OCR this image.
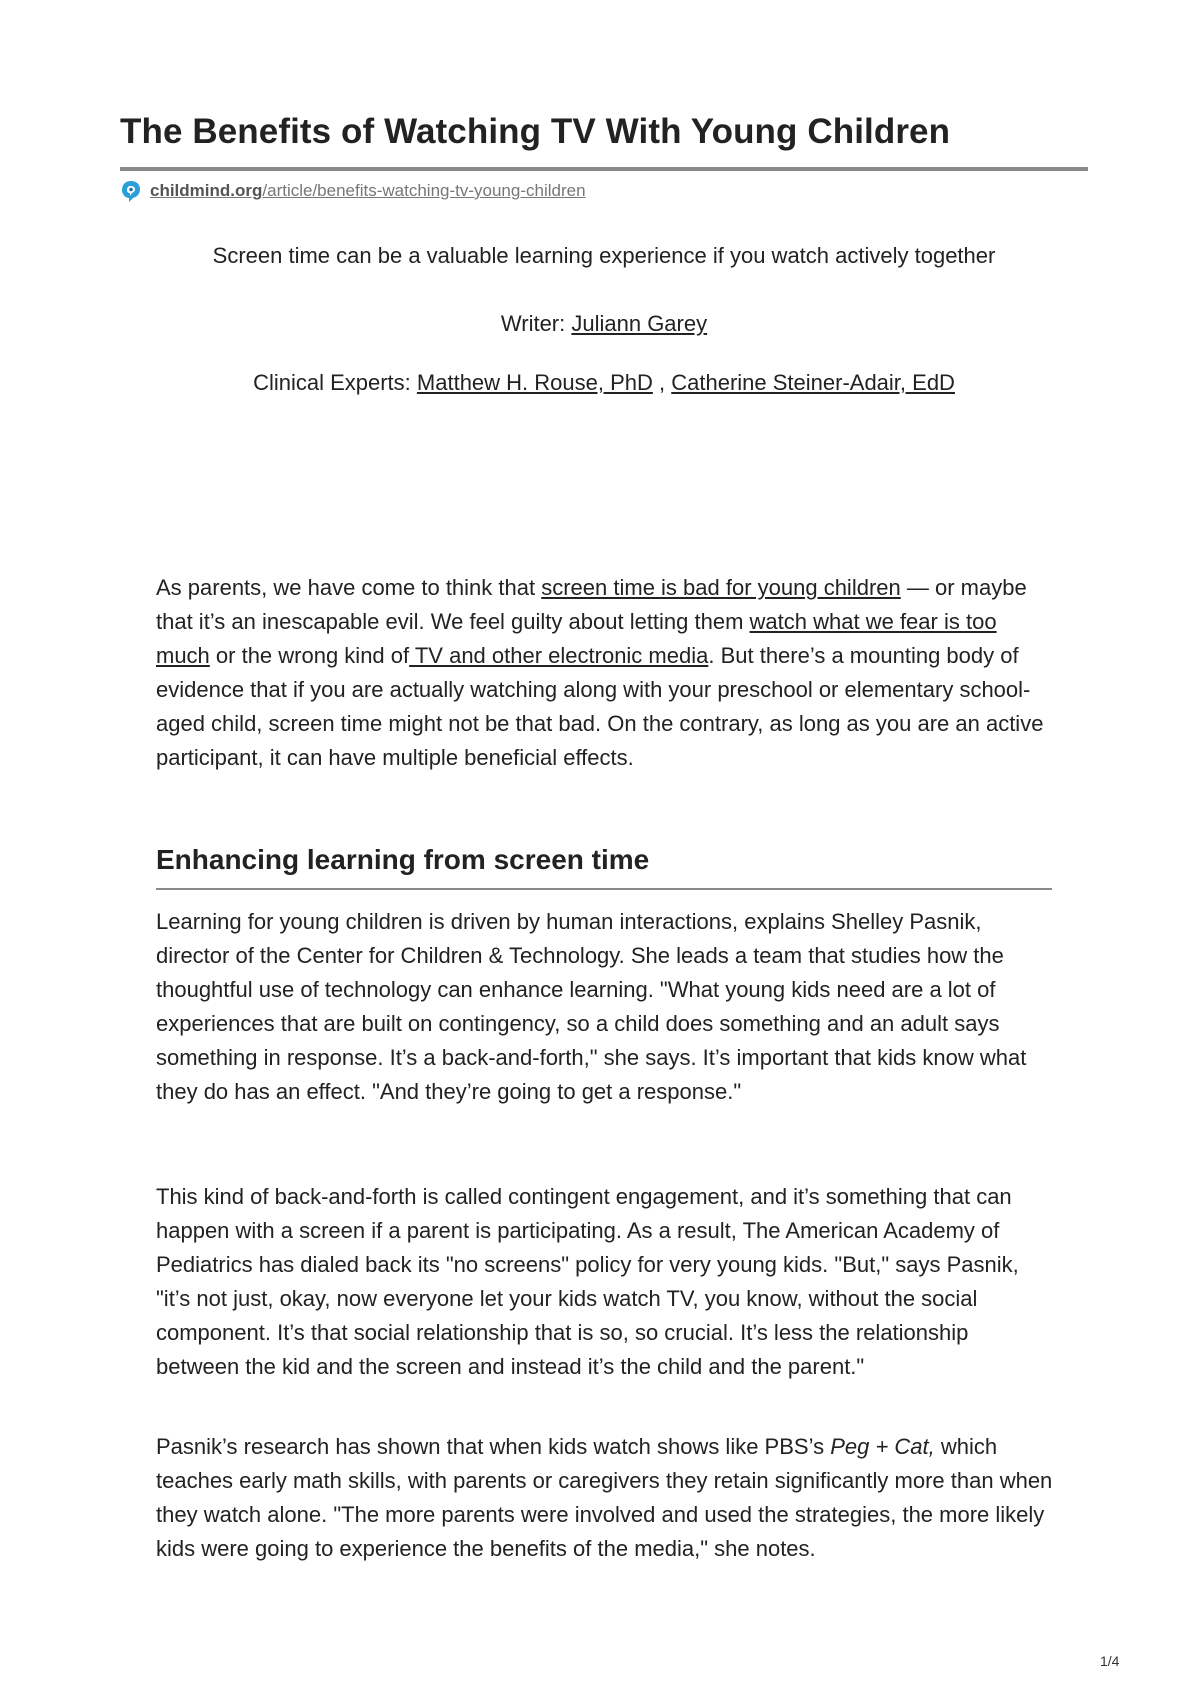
The Benefits of Watching TV With Young Children
childmind.org/article/benefits-watching-tv-young-children
Screen time can be a valuable learning experience if you watch actively together
Writer: Juliann Garey
Clinical Experts: Matthew H. Rouse, PhD , Catherine Steiner-Adair, EdD

As parents, we have come to think that screen time is bad for young children — or maybe that it’s an inescapable evil. We feel guilty about letting them watch what we fear is too much or the wrong kind of TV and other electronic media. But there’s a mounting body of evidence that if you are actually watching along with your preschool or elementary school-aged child, screen time might not be that bad. On the contrary, as long as you are an active participant, it can have multiple beneficial effects.

Enhancing learning from screen time

Learning for young children is driven by human interactions, explains Shelley Pasnik, director of the Center for Children & Technology. She leads a team that studies how the thoughtful use of technology can enhance learning. "What young kids need are a lot of experiences that are built on contingency, so a child does something and an adult says something in response. It’s a back-and-forth," she says. It’s important that kids know what they do has an effect. "And they’re going to get a response."

This kind of back-and-forth is called contingent engagement, and it’s something that can happen with a screen if a parent is participating. As a result, The American Academy of Pediatrics has dialed back its "no screens" policy for very young kids. "But," says Pasnik, "it’s not just, okay, now everyone let your kids watch TV, you know, without the social component. It’s that social relationship that is so, so crucial. It’s less the relationship between the kid and the screen and instead it’s the child and the parent."

Pasnik’s research has shown that when kids watch shows like PBS’s Peg + Cat, which teaches early math skills, with parents or caregivers they retain significantly more than when they watch alone. "The more parents were involved and used the strategies, the more likely kids were going to experience the benefits of the media," she notes.

1/4
